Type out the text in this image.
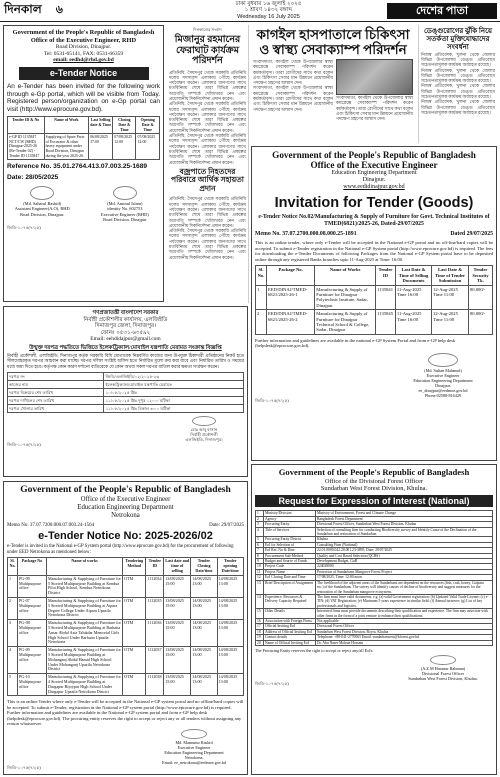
দিনকাল ৬
ঢাকা বুধবার ১৬ জুলাই ২০২৫
১ শ্রাবণ ১৪৩২ বঙ্গাব্দ
Wednesday 16 July 2025
দেশের পাতা
Government of the People's Republic of Bangladesh
Office of the Executive Engineer, RHD
Road Division, Dinajpur.
Tel: 0531-65141, FAX: 0531-66359
email: eedhd@rhd.gov.bd
e-Tender Notice
An e-Tender has been invited for the following work through e-Gp portal, which will be visible from Today. Registered person/organization on e-Gp portal can visit (http://www.eprocure.gov.bd).
Tender ID & No	Name of Work	Last Selling date & Time	Closing Date & Time	Opening Date & Time
e-GP ID 1135847 NCT/CW (RHD) Dinajpur-2025-26 (Re-Tender 02) - Tender ID 1135847	Supplying of Spare Parts of Excavator & other heavy equipment under Road Division, Dinajpur during the year 2025-26.	06/08/2025 17:00	07/08/2025 12:00	07/08/2025 12:00
Reference No. 35.01.2764.413.07.003.25-1689
Date: 28/05/2025
(Md. Saharul Rashid)
Assistant Engineer(A.O), RHD
Road Division, Dinajpur.
(Md. Aminul Islam)
identity No. 602753
Executive Engineer (RHD)
Road Division, Dinajpur
জিডি-১০৭৫(৭/২৫)
দিনকালের সংবাদ
মিজানুর রহমানের ফেরাঘাট কার্যক্রম পরিদর্শন
প্রতিনিধি, সৈয়দপুর থেকে সরকারি প্রতিনিধি দলের সদস্যবৃন্দ এলাকায় পৌঁছে কার্যক্রম পর্যবেক্ষণ করেন। এলাকার জনগণের সাথে মতবিনিময় শেষে তারা বিভিন্ন প্রকল্পের অগ্রগতি সম্পর্কে খোঁজখবর নেন এবং প্রয়োজনীয় দিকনির্দেশনা প্রদান করেন।
প্রতিনিধি, সৈয়দপুর থেকে সরকারি প্রতিনিধি দলের সদস্যবৃন্দ এলাকায় পৌঁছে কার্যক্রম পর্যবেক্ষণ করেন। এলাকার জনগণের সাথে মতবিনিময় শেষে তারা বিভিন্ন প্রকল্পের অগ্রগতি সম্পর্কে খোঁজখবর নেন এবং প্রয়োজনীয় দিকনির্দেশনা প্রদান করেন।
প্রতিনিধি, সৈয়দপুর থেকে সরকারি প্রতিনিধি দলের সদস্যবৃন্দ এলাকায় পৌঁছে কার্যক্রম পর্যবেক্ষণ করেন। এলাকার জনগণের সাথে মতবিনিময় শেষে তারা বিভিন্ন প্রকল্পের অগ্রগতি সম্পর্কে খোঁজখবর নেন এবং প্রয়োজনীয় দিকনির্দেশনা প্রদান করেন।
বজ্রপাতে নিহতদের পরিবারে আর্থিক সহায়তা প্রদান
প্রতিনিধি, সৈয়দপুর থেকে সরকারি প্রতিনিধি দলের সদস্যবৃন্দ এলাকায় পৌঁছে কার্যক্রম পর্যবেক্ষণ করেন। এলাকার জনগণের সাথে মতবিনিময় শেষে তারা বিভিন্ন প্রকল্পের অগ্রগতি সম্পর্কে খোঁজখবর নেন এবং প্রয়োজনীয় দিকনির্দেশনা প্রদান করেন।
প্রতিনিধি, সৈয়দপুর থেকে সরকারি প্রতিনিধি দলের সদস্যবৃন্দ এলাকায় পৌঁছে কার্যক্রম পর্যবেক্ষণ করেন। এলাকার জনগণের সাথে মতবিনিময় শেষে তারা বিভিন্ন প্রকল্পের অগ্রগতি সম্পর্কে খোঁজখবর নেন এবং প্রয়োজনীয় দিকনির্দেশনা প্রদান করেন।
কাগইল হাসপাতালে চিকিৎসা ও স্বাস্থ্য সেবাক্যাম্প পরিদর্শন
সংবাদদাতা, কাগইল থেকে উপজেলার স্বাস্থ্য কমপ্লেক্সে সেবাক্যাম্প পরিদর্শন করেন কর্মকর্তাবৃন্দ। তারা রোগীদের সাথে কথা বলেন এবং চিকিৎসা সেবার মান উন্নয়নে প্রয়োজনীয় পদক্ষেপ গ্রহণের আশ্বাস দেন।
সংবাদদাতা, কাগইল থেকে উপজেলার স্বাস্থ্য কমপ্লেক্সে সেবাক্যাম্প পরিদর্শন করেন কর্মকর্তাবৃন্দ। তারা রোগীদের সাথে কথা বলেন এবং চিকিৎসা সেবার মান উন্নয়নে প্রয়োজনীয় পদক্ষেপ গ্রহণের আশ্বাস দেন।
সংবাদদাতা, কাগইল থেকে উপজেলার স্বাস্থ্য কমপ্লেক্সে সেবাক্যাম্প পরিদর্শন করেন কর্মকর্তাবৃন্দ। তারা রোগীদের সাথে কথা বলেন এবং চিকিৎসা সেবার মান উন্নয়নে প্রয়োজনীয় পদক্ষেপ গ্রহণের আশ্বাস দেন।
ডেঙ্গুরোগের ঝুঁকি নিয়ে সতর্কতা মুক্তিযোদ্ধাদের সংবর্ধনা
নিজস্ব প্রতিবেদক, খুলনা থেকে জেলার বিভিন্ন উপজেলায় ডেঙ্গু প্রতিরোধে সচেতনতামূলক কার্যক্রম অব্যাহত রয়েছে।
নিজস্ব প্রতিবেদক, খুলনা থেকে জেলার বিভিন্ন উপজেলায় ডেঙ্গু প্রতিরোধে সচেতনতামূলক কার্যক্রম অব্যাহত রয়েছে।
নিজস্ব প্রতিবেদক, খুলনা থেকে জেলার বিভিন্ন উপজেলায় ডেঙ্গু প্রতিরোধে সচেতনতামূলক কার্যক্রম অব্যাহত রয়েছে।
নিজস্ব প্রতিবেদক, খুলনা থেকে জেলার বিভিন্ন উপজেলায় ডেঙ্গু প্রতিরোধে সচেতনতামূলক কার্যক্রম অব্যাহত রয়েছে।
Government of the People's Republic of Bangladesh
Office of the Executive Engineer
Education Engineering Department
Dinajpur.
www.eedidinajpur.gov.bd
Invitation for Tender (Goods)
e-Tender Notice No.02/Manufacturing & Supply of Furniture for Govt. Technical Institutes of TMED(6821)/2025-26, Dated-29/07/2025
Memo No. 37.07.2700.000.08.000.25-1891	Dated 29/07/2025
This is an online tender, where only e-Tender will be accepted in the National e-GP portal and no off-line/hard copies will be accepted. To submit e-Tender registration in the National e-GP System portal (http://www.eprocure.gov.bd) is required. The fees for downloading the e-Tender Documents of following Packages from the National e-GP System portal have to be deposited online through any registered Banks branches upto 11-Aug-2025 at Time: 16:00.
Sl. No.	Package No.	Name of Works	Tender ID	Last Date & Time of Selling Documents	Last Date & Time of Tender Submission	Tender Security Tk.
1	EED/DINAJ/TMED-6821/2025-26-1	Manufacturing & Supply of Furniture for Dinajpur Polytechnic Institute, Sadar, Dinajpur	1135841	11-Aug-2025 Time 16:00	12-Aug-2025 Time 11:00	80,000/-
2	EED/DINAJ/TMED-6821/2025-26-2	Manufacturing & Supply of Furniture for Dinajpur Technical School & College, Sadar, Dinajpur	1135845	11-Aug-2025 Time 16:00	12-Aug-2025 Time 11:00	80,000/-
Further information and guidelines are available in the national e-GP System Portal and from e-GP help desk (helpdesk@eprocure.gov.bd).
(Md. Sultan Mahmud)
Executive Engineer
Education Engineering Department
Dinajpur.
ee_dinajpur@eedmoe.gov.bd
Phone:02588-816429
জিডি-১০৭৫(৭/২৫)
গণপ্রজাতন্ত্রী বাংলাদেশ সরকার
নির্বাহী প্রকৌশলীর কার্যালয়, এলজিইডি
দিনাজপুর জেলা, দিনাজপুর।
ফোনঃ ০৫৩১-৬৩৫৯২
Email: eehdidajpur@gmail.com
উন্মুক্ত দরপত্র পদ্ধতিতে ভিত্তিতে ইলেকট্রিক্যাল/মোবাইল যন্ত্রপাতি মেরামত সংক্রান্ত বিজ্ঞপ্তি
নির্বাহী প্রকৌশলী, এলজিইডি, দিনাজপুর কর্তৃক সরকারি বিধি মোতাবেক নিম্নবর্ণিত কাজের জন্য উপযুক্ত ঠিকাদারী প্রতিষ্ঠানের নিকট হতে সীলমোহরকৃত দরপত্র আহবান করা যাচ্ছে। দরপত্র দলিল সংশ্লিষ্ট অফিস হতে নির্ধারিত মূল্যে ক্রয় করা যাবে এবং নির্ধারিত তারিখ ও সময়ের মধ্যে জমা দিতে হবে। কর্তৃপক্ষ কোন কারণ দর্শানো ব্যতিরেকে যে কোন অথবা সকল দরপত্র বাতিল করার ক্ষমতা সংরক্ষণ করেন।
দরপত্র নং	জিডি/এলজিইডি/০২/২০২৫-২৬
কাজের নাম	ইলেকট্রিক্যাল/মোবাইল যন্ত্রপাতি মেরামত
দরপত্র বিক্রয়ের শেষ তারিখ	১০/০৮/২০২৫ খ্রিঃ
দরপত্র দাখিলের শেষ তারিখ	১১/০৮/২০২৫ খ্রিঃ দুপুর ১২:০০ ঘটিকা
দরপত্র খোলার তারিখ	১১/০৮/২০২৫ খ্রিঃ বিকাল ৩:০০ ঘটিকা
মোঃ আবু হাসান
নির্বাহী প্রকৌশলী
এলজিইডি, দিনাজপুর।
জিডি-১০৭৫(৭/২৫)
Government of the People's Republic of Bangladesh
Office of the Executive Engineer
Education Engineering Department
Netrokona
Memo No. 37.07.7200.000.07.003.24-1564	Date: 29/07/2025
e-Tender Notice No: 2025-2026/02
e-Tender is invited in the National e-GP System portal (http://www.eprocure.gov.bd) for the procurement of following under EED Netrokona as mentioned below:
Sl. No.	Package No	Name of works	Tendering Method	Tender ID	Last date and time of selling	Tender Closing Date/time	Tender opening Date/time
1	PG-09 Multipurpose office	Manufacturing & Supplying of Furniture for 5 Storied Multipurpose Building at Kendua Pilot High School, Kendua Netrokona District	OTM	1112034	13/08/2025 15:00	14/08/2025 13:00	14/08/2025 13:00
2	PG-07 Multipurpose office	Manufacturing & Supplying of Furniture for 5 Storied Multipurpose Building at Atpara Degree College Under Atpara Upazila Netrokona District	OTM	1112035	13/08/2025 15:00	14/08/2025 13:00	14/08/2025 13:00
3	PG-08 Multipurpose office	Manufacturing & Supplying of Furniture for 5 Storied Multipurpose Building at Barhatta Ansar Abdul Aziz Talukdar Memorial Girls High School Under Barhatta Upazila Netrokona	OTM	1112036	13/08/2025 15:00	14/08/2025 13:00	14/08/2025 13:00
4	PG-09 Multipurpose office	Manufacturing & Supplying of Furniture for 5 Storied Multipurpose Building at Mohanganj Abdul Hamid High School Under Mohanganj Upazila Netrokona District	OTM	1112037	13/08/2025 15:00	14/08/2025 13:00	14/08/2025 13:00
5	PG-10 Multipurpose office	Manufacturing & Supplying of Furniture for 4 Storied Multipurpose Building at Durgapur Bijoypur High School Under Durgapur Upazila Netrokona District	OTM	1112038	13/08/2025 15:00	14/08/2025 13:00	14/08/2025 13:00
This is an online Tender where only e-Tender will be accepted in the National e-GP system portal and no offline/hard copies will be accepted. To submit e-Tender, registration in the National e-GP system portal (http://www.eprocure.gov.bd) is required. Further information and guidelines are available in the National e-GP system portal and from e-GP help desk (helpdesk@eprocure.gov.bd). The procuring entity reserves the right to accept or reject any or all tenders without assigning any reason whatsoever.
Md. Mamunur Rashid
Executive Engineer
Education Engineering Department
Netrokona.
Email: ee_netrokona@eedmoe.gov.bd
জিডি-১০৭৫(৭/২৫)
Government of the People's Republic of Bangladesh
Office of the Divisional Forest Officer
Sundarban West Forest Division, Khulna.
Request for Expression of Interest (National)
1	Ministry/Division	Ministry of Environment, Forest and Climate Change
2	Agency	Bangladesh Forest Department
3	Procuring Entity	Divisional Forest Officer, Sundarban West Forest Division, Khulna
4	Title of Services	Selection of consulting firm for conducting Biodiversity survey and Identify Cause of the Declination of the Sundarban and restoration of Sundarban
5	Procuring Entity District	Khulna
6	EoI for Selection of	Consulting Firm (National)
7	EoI Ref. No & Date	22.01.0000.042.20.001.23-3895, Date: 29/07/2025
8	Procurement Sub-Method	Quality and Cost Based Selection (QCBS)
9	Budget and Source of Funds	Development Budget, GoB
10	Project Code	224028000
11	Project Name	Protection of Sundarbans Mangrove Forest Project
12	EoI Closing Date and Time	17/08/2025, Time: 12:00 noon
13	Brief Description of Assignment	The livelihood of the adjacent areas of the Sundarbans are dependent on the resources (fish, crab, honey, Golpata etc.) of the Sundarbans. The survey will identify causes of decline of biodiversity and suggest measures for the restoration of the Sundarban mangrove ecosystem.
14	Experience, Resources & Delivery Capacity Required	The firm must have valid documents, e.g. (a) valid Government registration; (b) Updated Valid Trade License; (c) e-TIN; (d) VAT Registration; (e) Minimum 5 years experience in similar field; (f) Annual turnover; (g) List of key professionals and logistics.
15	Other Details	Interested firms must provide documents describing their qualification and experience. The firm may associate with other firms in the form of a joint venture to enhance their qualifications.
16	Association with Foreign Firms	Not applicable
17	Official Inviting EoI	Divisional Forest Officer
18	Address of Official Inviting EoI	Sundarban West Forest Division, Boyra, Khulna
19	Contact details	Telephone: +88-041-2770065 Email: sundarbanwest@bforest.gov.bd
20	Name of Official Inviting EoI	Dr. Abu Naser Mohsin Hossain
The Procuring Entity reserves the right to accept or reject any/all EoIs.
(A.Z.M Hasanur Rahman)
Divisional Forest Officer
Sundarban West Forest Division, Khulna.
জিডি-১০৭৫(৭/২৫)
